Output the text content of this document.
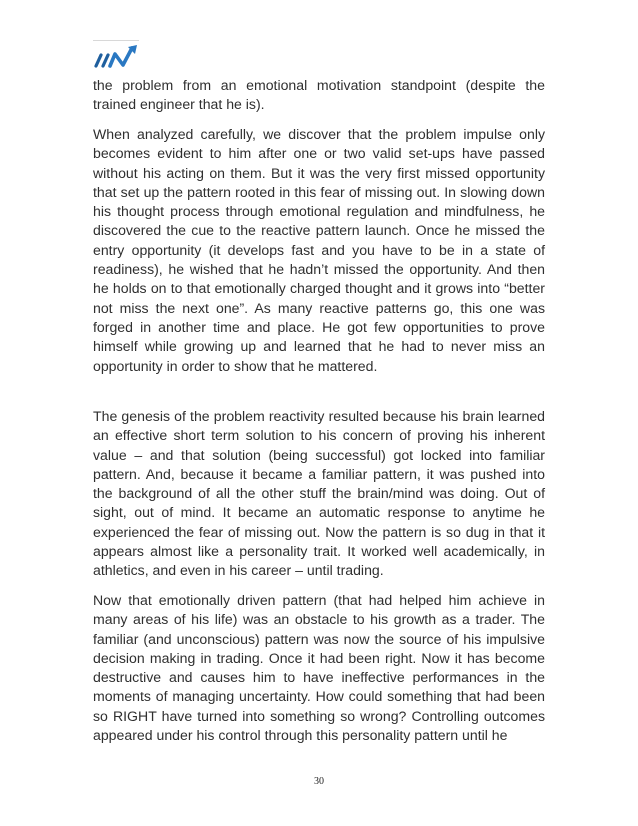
the problem from an emotional motivation standpoint (despite the trained engineer that he is).

When analyzed carefully, we discover that the problem impulse only becomes evident to him after one or two valid set-ups have passed without his acting on them. But it was the very first missed opportunity that set up the pattern rooted in this fear of missing out. In slowing down his thought process through emotional regulation and mindfulness, he discovered the cue to the reactive pattern launch. Once he missed the entry opportunity (it develops fast and you have to be in a state of readiness), he wished that he hadn’t missed the opportunity. And then he holds on to that emotionally charged thought and it grows into “better not miss the next one”. As many reactive patterns go, this one was forged in another time and place. He got few opportunities to prove himself while growing up and learned that he had to never miss an opportunity in order to show that he mattered.

The genesis of the problem reactivity resulted because his brain learned an effective short term solution to his concern of proving his inherent value – and that solution (being successful) got locked into familiar pattern. And, because it became a familiar pattern, it was pushed into the background of all the other stuff the brain/mind was doing. Out of sight, out of mind. It became an automatic response to anytime he experienced the fear of missing out. Now the pattern is so dug in that it appears almost like a personality trait. It worked well academically, in athletics, and even in his career – until trading.

Now that emotionally driven pattern (that had helped him achieve in many areas of his life) was an obstacle to his growth as a trader. The familiar (and unconscious) pattern was now the source of his impulsive decision making in trading. Once it had been right. Now it has become destructive and causes him to have ineffective performances in the moments of managing uncertainty. How could something that had been so RIGHT have turned into something so wrong? Controlling outcomes appeared under his control through this personality pattern until he

30
